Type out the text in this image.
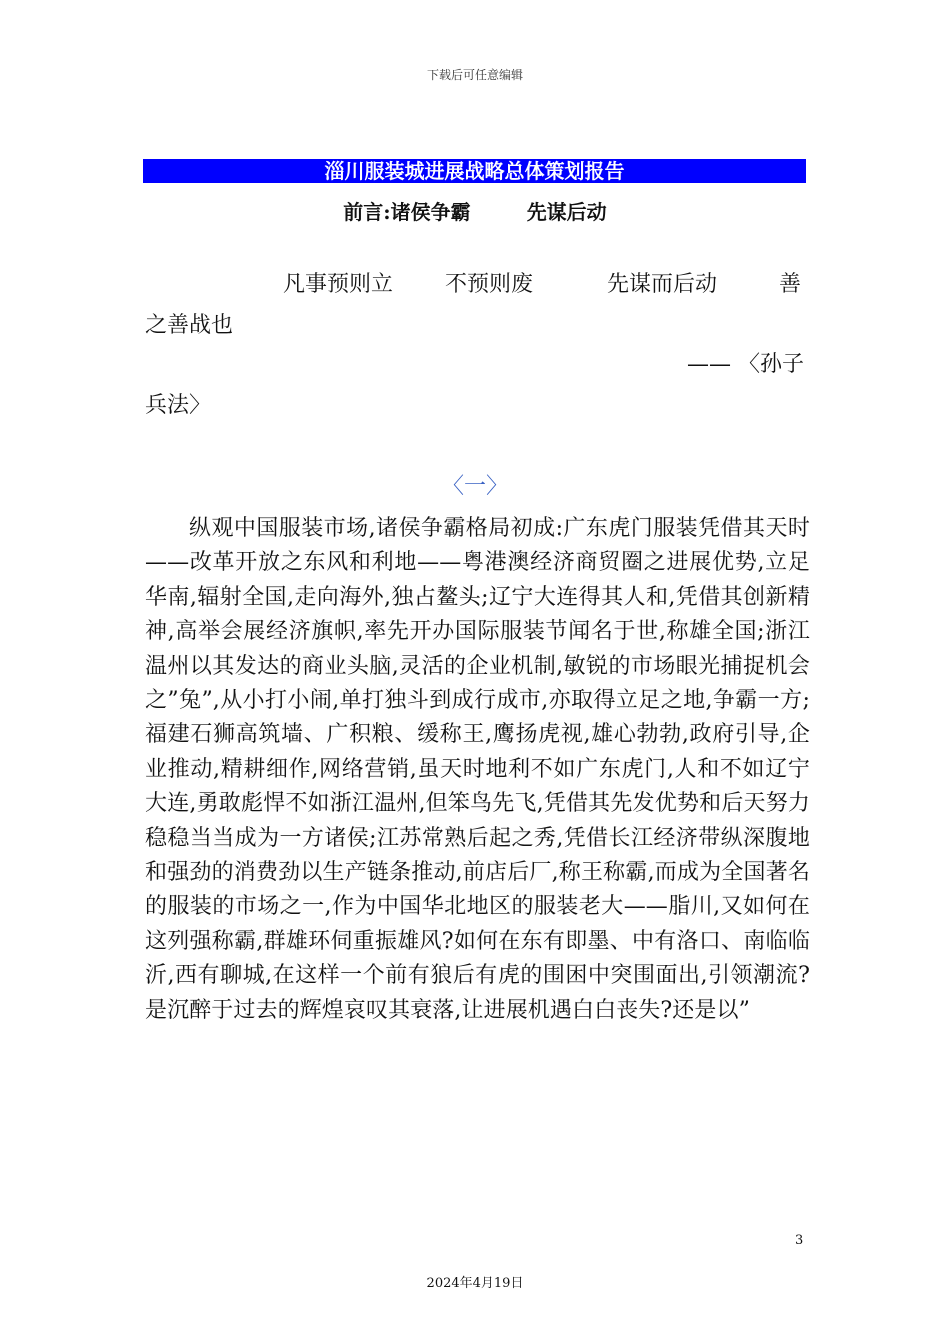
下载后可任意编辑
淄川服装城进展战略总体策划报告
前言:诸侯争霸	先谋后动
凡事预则立 不预则废	先谋而后动	善
之善战也
—— 〈孙子
兵法〉
〈一〉

纵观中国服装市场,诸侯争霸格局初成:广东虎门服装凭借其天时——改革开放之东风和利地——粤港澳经济商贸圈之进展优势,立足华南,辐射全国,走向海外,独占鳌头;辽宁大连得其人和,凭借其创新精神,高举会展经济旗帜,率先开办国际服装节闻名于世,称雄全国;浙江温州以其发达的商业头脑,灵活的企业机制,敏锐的市场眼光捕捉机会之”兔”,从小打小闹,单打独斗到成行成市,亦取得立足之地,争霸一方;福建石狮高筑墙、广积粮、缓称王,鹰扬虎视,雄心勃勃,政府引导,企业推动,精耕细作,网络营销,虽天时地利不如广东虎门,人和不如辽宁大连,勇敢彪悍不如浙江温州,但笨鸟先飞,凭借其先发优势和后天努力稳稳当当成为一方诸侯;江苏常熟后起之秀,凭借长江经济带纵深腹地和强劲的消费劲以生产链条推动,前店后厂,称王称霸,而成为全国著名的服装的市场之一,作为中国华北地区的服装老大——脂川,又如何在这列强称霸,群雄环伺重振雄风?如何在东有即墨、中有洛口、南临临沂,西有聊城,在这样一个前有狼后有虎的围困中突围面出,引领潮流?是沉醉于过去的辉煌哀叹其衰落,让进展机遇白白丧失?还是以”

3
2024年4月19日
